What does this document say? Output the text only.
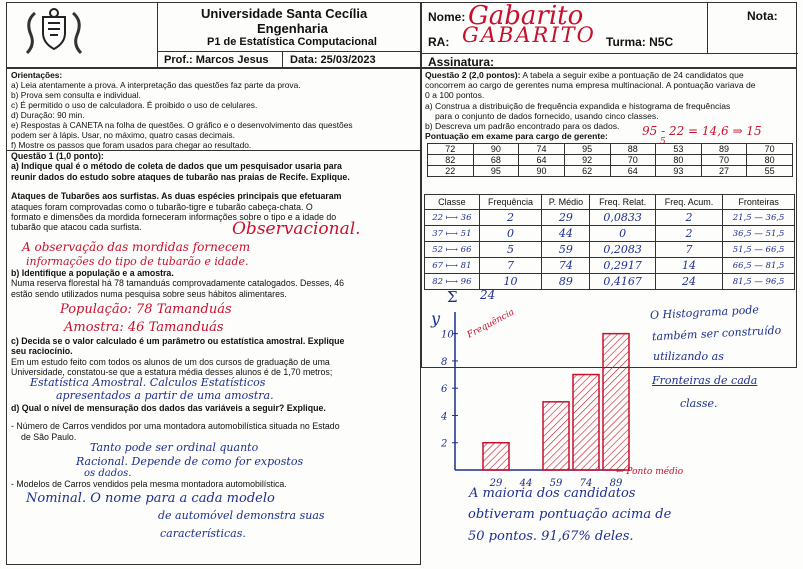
Universidade Santa Cecília
Engenharia
P1 de Estatística Computacional
Prof.: Marcos Jesus Data: 25/03/2023
Nome: Gabarito	Nota:
RA: GABARITO Turma: N5C
Assinatura:
Orientações:
a) Leia atentamente a prova. A interpretação das questões faz parte da prova.
b) Prova sem consulta e individual.
c) É permitido o uso de calculadora. É proibido o uso de celulares.
d) Duração: 90 min.
e) Respostas à CANETA na folha de questões. O gráfico e o desenvolvimento das questões
podem ser à lápis. Usar, no máximo, quatro casas decimais.
f) Mostre os passos que foram usados para chegar ao resultado.
Questão 1 (1,0 ponto):
a) Indique qual é o método de coleta de dados que um pesquisador usaria para
reunir dados do estudo sobre ataques de tubarão nas praias de Recife. Explique.
Ataques de Tubarões aos surfistas. As duas espécies principais que efetuaram
ataques foram comprovadas como o tubarão-tigre e tubarão cabeça-chata. O
formato e dimensões da mordida forneceram informações sobre o tipo e a idade do
tubarão que atacou cada surfista.	Observacional.
A observação das mordidas fornecem
informações do tipo de tubarão e idade.
b) Identifique a população e a amostra.
Numa reserva florestal há 78 tamanduás comprovadamente catalogados. Desses, 46
estão sendo utilizados numa pesquisa sobre seus hábitos alimentares.
População: 78 Tamanduás
Amostra: 46 Tamanduás
c) Decida se o valor calculado é um parâmetro ou estatística amostral. Explique
seu raciocínio.
Em um estudo feito com todos os alunos de um dos cursos de graduação de uma
Universidade, constatou-se que a estatura média desses alunos é de 1,70 metros;
Estatística Amostral. Calculos Estatísticos
apresentados a partir de uma amostra.
d) Qual o nível de mensuração dos dados das variáveis a seguir? Explique.
- Número de Carros vendidos por uma montadora automobilística situada no Estado
de São Paulo.
Tanto pode ser ordinal quanto
Racional. Depende de como for expostos
os dados.
- Modelos de Carros vendidos pela mesma montadora automobilística.
Nominal. O nome para a cada modelo
de automóvel demonstra suas
características.
Questão 2 (2,0 pontos): A tabela a seguir exibe a pontuação de 24 candidatos que
concorrem ao cargo de gerentes numa empresa multinacional. A pontuação variava de
0 a 100 pontos.
a) Construa a distribuição de frequência expandida e histograma de frequências
para o conjunto de dados fornecido, usando cinco classes.
b) Descreva um padrão encontrado para os dados.
Pontuação em exame para cargo de gerente:	95 - 22 = 14,6 ⇒ 15
5
72	90	74	95	88	53	89	70
82	68	64	92	70	80	70	80
22	95	90	62	64	93	27	55
Classe	Frequência	P. Médio	Freq. Relat.	Freq. Acum.	Fronteiras
22 ⟼ 36	2	29	0,0833	2	21,5 — 36,5
37 ⟼ 51	0	44	0	2	36,5 — 51,5
52 ⟼ 66	5	59	0,2083	7	51,5 — 66,5
67 ⟼ 81	7	74	0,2917	14	66,5 — 81,5
82 ⟼ 96	10	89	0,4167	24	81,5 — 96,5
Σ 24
y	Frequência
2
4
6
8
10
29 44 59 74 89
O Histograma pode
também ser construído
utilizando as
Fronteiras de cada
classe.
← Ponto médio
A maioria dos candidatos
obtiveram pontuação acima de
50 pontos. 91,67% deles.
